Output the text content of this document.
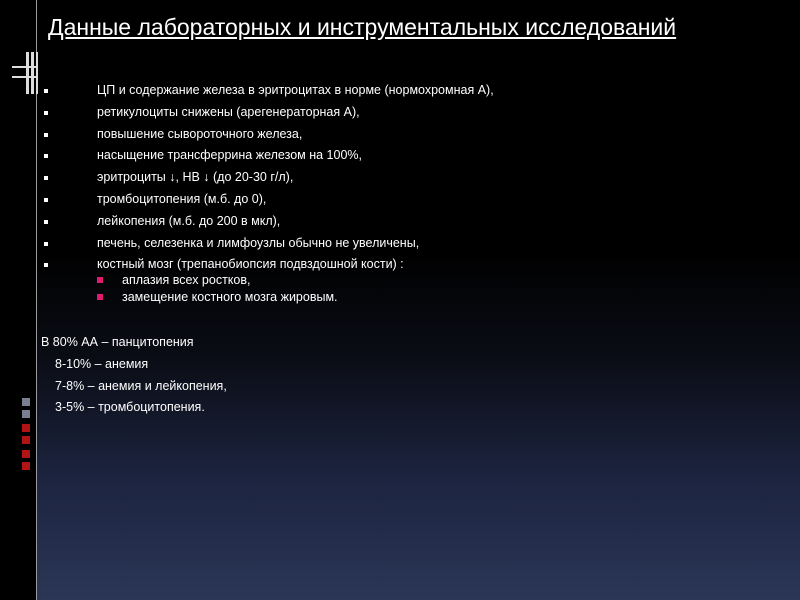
Данные лабораторных и инструментальных исследований
ЦП и содержание железа в эритроцитах в норме (нормохромная А),
ретикулоциты снижены (арегенераторная А),
повышение сывороточного железа,
насыщение трансферрина железом на 100%,
эритроциты ↓, НВ ↓ (до 20-30 г/л),
тромбоцитопения (м.б. до 0),
лейкопения (м.б. до 200 в мкл),
печень, селезенка и лимфоузлы обычно не увеличены,
костный мозг (трепанобиопсия подвздошной кости) :
аплазия всех ростков,
замещение костного мозга жировым.
В 80% АА – панцитопения
8-10% – анемия
7-8% – анемия и лейкопения,
3-5% – тромбоцитопения.
